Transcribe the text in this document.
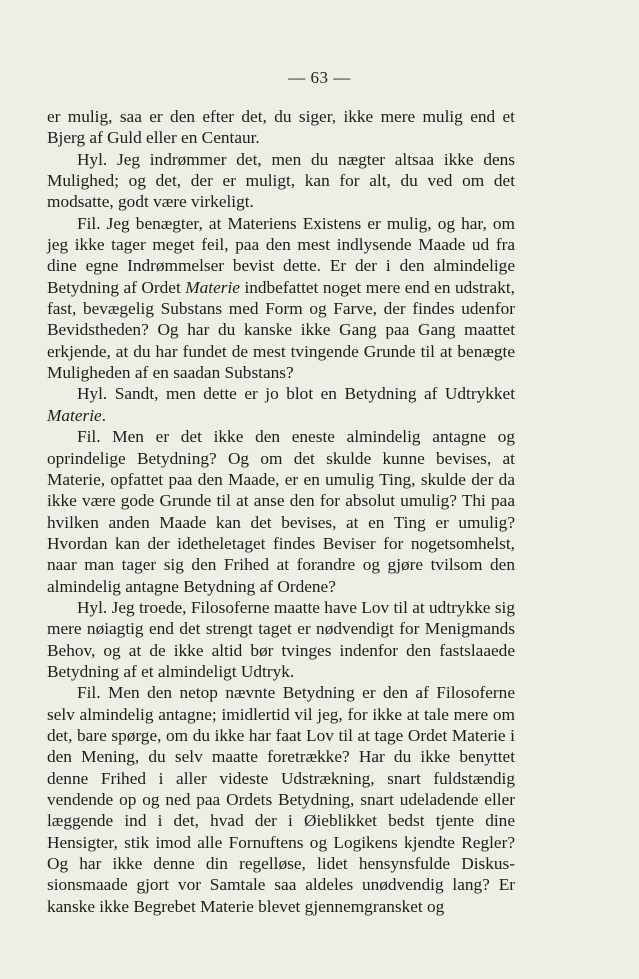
— 63 —

er mulig, saa er den efter det, du siger, ikke mere mulig end et Bjerg af Guld eller en Centaur.

Hyl. Jeg indrømmer det, men du nægter altsaa ikke dens Mulighed; og det, der er muligt, kan for alt, du ved om det modsatte, godt være virkeligt.

Fil. Jeg benægter, at Materiens Existens er mulig, og har, om jeg ikke tager meget feil, paa den mest indlysende Maade ud fra dine egne Indrømmelser bevist dette. Er der i den almindelige Betydning af Ordet Materie indbefattet noget mere end en udstrakt, fast, bevægelig Substans med Form og Farve, der findes udenfor Bevidstheden? Og har du kanske ikke Gang paa Gang maattet erkjende, at du har fundet de mest tvingende Grunde til at benægte Muligheden af en saadan Substans?

Hyl. Sandt, men dette er jo blot en Betydning af Udtrykket Materie.

Fil. Men er det ikke den eneste almindelig antagne og oprindelige Betydning? Og om det skulde kunne bevises, at Materie, opfattet paa den Maade, er en umulig Ting, skulde der da ikke være gode Grunde til at anse den for absolut umulig? Thi paa hvilken anden Maade kan det bevises, at en Ting er umulig? Hvordan kan der idetheletaget findes Beviser for nogetsomhelst, naar man tager sig den Frihed at forandre og gjøre tvilsom den almindelig antagne Betydning af Ordene?

Hyl. Jeg troede, Filosoferne maatte have Lov til at udtrykke sig mere nøiagtig end det strengt taget er nødvendigt for Menigmands Behov, og at de ikke altid bør tvinges indenfor den fastslaaede Betydning af et almindeligt Udtryk.

Fil. Men den netop nævnte Betydning er den af Filosoferne selv almindelig antagne; imidlertid vil jeg, for ikke at tale mere om det, bare spørge, om du ikke har faat Lov til at tage Ordet Materie i den Mening, du selv maatte foretrække? Har du ikke benyttet denne Frihed i aller videste Udstrækning, snart fuldstændig vendende op og ned paa Ordets Betydning, snart udeladende eller læggende ind i det, hvad der i Øieblikket bedst tjente dine Hensigter, stik imod alle Fornuftens og Logikens kjendte Regler? Og har ikke denne din regelløse, lidet hensynsfulde Diskussionsmaade gjort vor Samtale saa aldeles unødvendig lang? Er kanske ikke Begrebet Materie blevet gjennemgransket og
